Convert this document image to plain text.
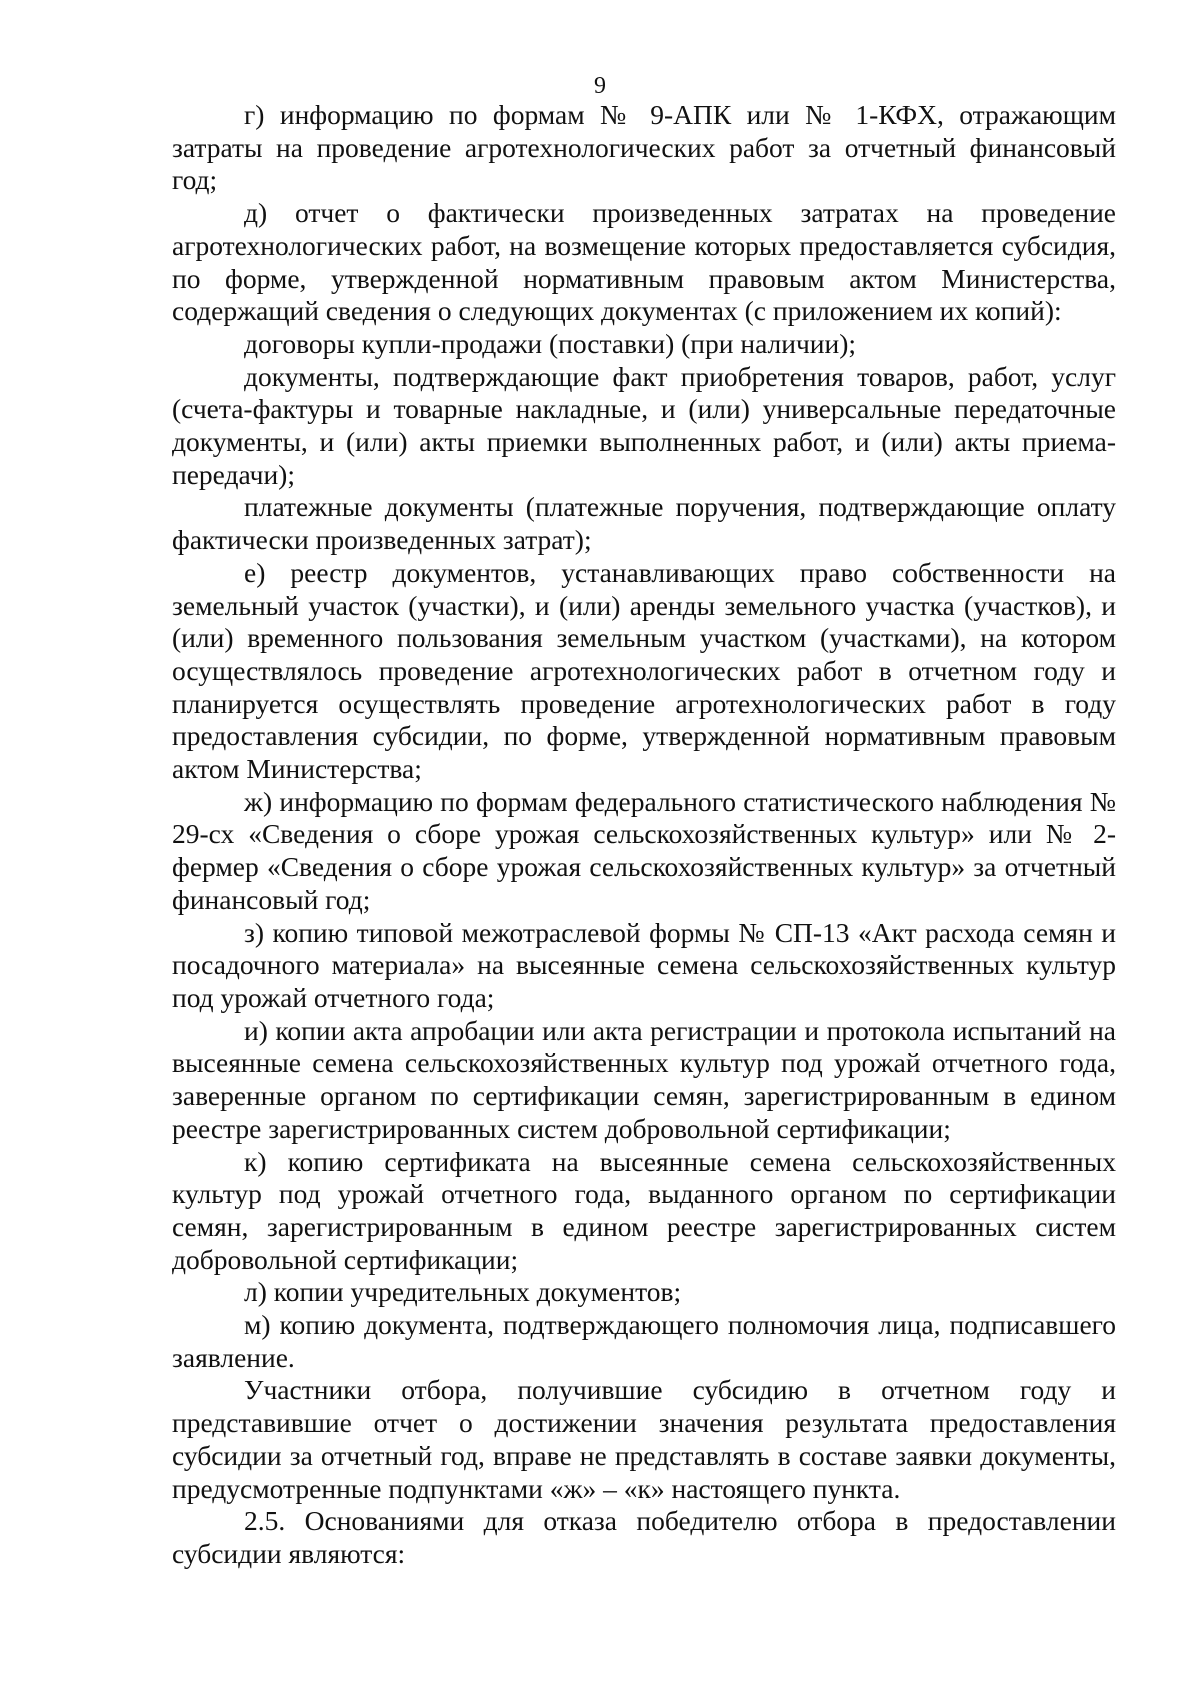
9

г) информацию по формам № 9-АПК или № 1-КФХ, отражающим затраты на проведение агротехнологических работ за отчетный финансовый год;

д) отчет о фактически произведенных затратах на проведение агротехнологических работ, на возмещение которых предоставляется субсидия, по форме, утвержденной нормативным правовым актом Министерства, содержащий сведения о следующих документах (с приложением их копий):

договоры купли-продажи (поставки) (при наличии);

документы, подтверждающие факт приобретения товаров, работ, услуг (счета-фактуры и товарные накладные, и (или) универсальные передаточные документы, и (или) акты приемки выполненных работ, и (или) акты приема-передачи);

платежные документы (платежные поручения, подтверждающие оплату фактически произведенных затрат);

е) реестр документов, устанавливающих право собственности на земельный участок (участки), и (или) аренды земельного участка (участков), и (или) временного пользования земельным участком (участками), на котором осуществлялось проведение агротехнологических работ в отчетном году и планируется осуществлять проведение агротехнологических работ в году предоставления субсидии, по форме, утвержденной нормативным правовым актом Министерства;

ж) информацию по формам федерального статистического наблюдения № 29-сх «Сведения о сборе урожая сельскохозяйственных культур» или № 2-фермер «Сведения о сборе урожая сельскохозяйственных культур» за отчетный финансовый год;

з) копию типовой межотраслевой формы № СП-13 «Акт расхода семян и посадочного материала» на высеянные семена сельскохозяйственных культур под урожай отчетного года;

и) копии акта апробации или акта регистрации и протокола испытаний на высеянные семена сельскохозяйственных культур под урожай отчетного года, заверенные органом по сертификации семян, зарегистрированным в едином реестре зарегистрированных систем добровольной сертификации;

к) копию сертификата на высеянные семена сельскохозяйственных культур под урожай отчетного года, выданного органом по сертификации семян, зарегистрированным в едином реестре зарегистрированных систем добровольной сертификации;

л) копии учредительных документов;

м) копию документа, подтверждающего полномочия лица, подписавшего заявление.

Участники отбора, получившие субсидию в отчетном году и представившие отчет о достижении значения результата предоставления субсидии за отчетный год, вправе не представлять в составе заявки документы, предусмотренные подпунктами «ж» – «к» настоящего пункта.

2.5. Основаниями для отказа победителю отбора в предоставлении субсидии являются:
